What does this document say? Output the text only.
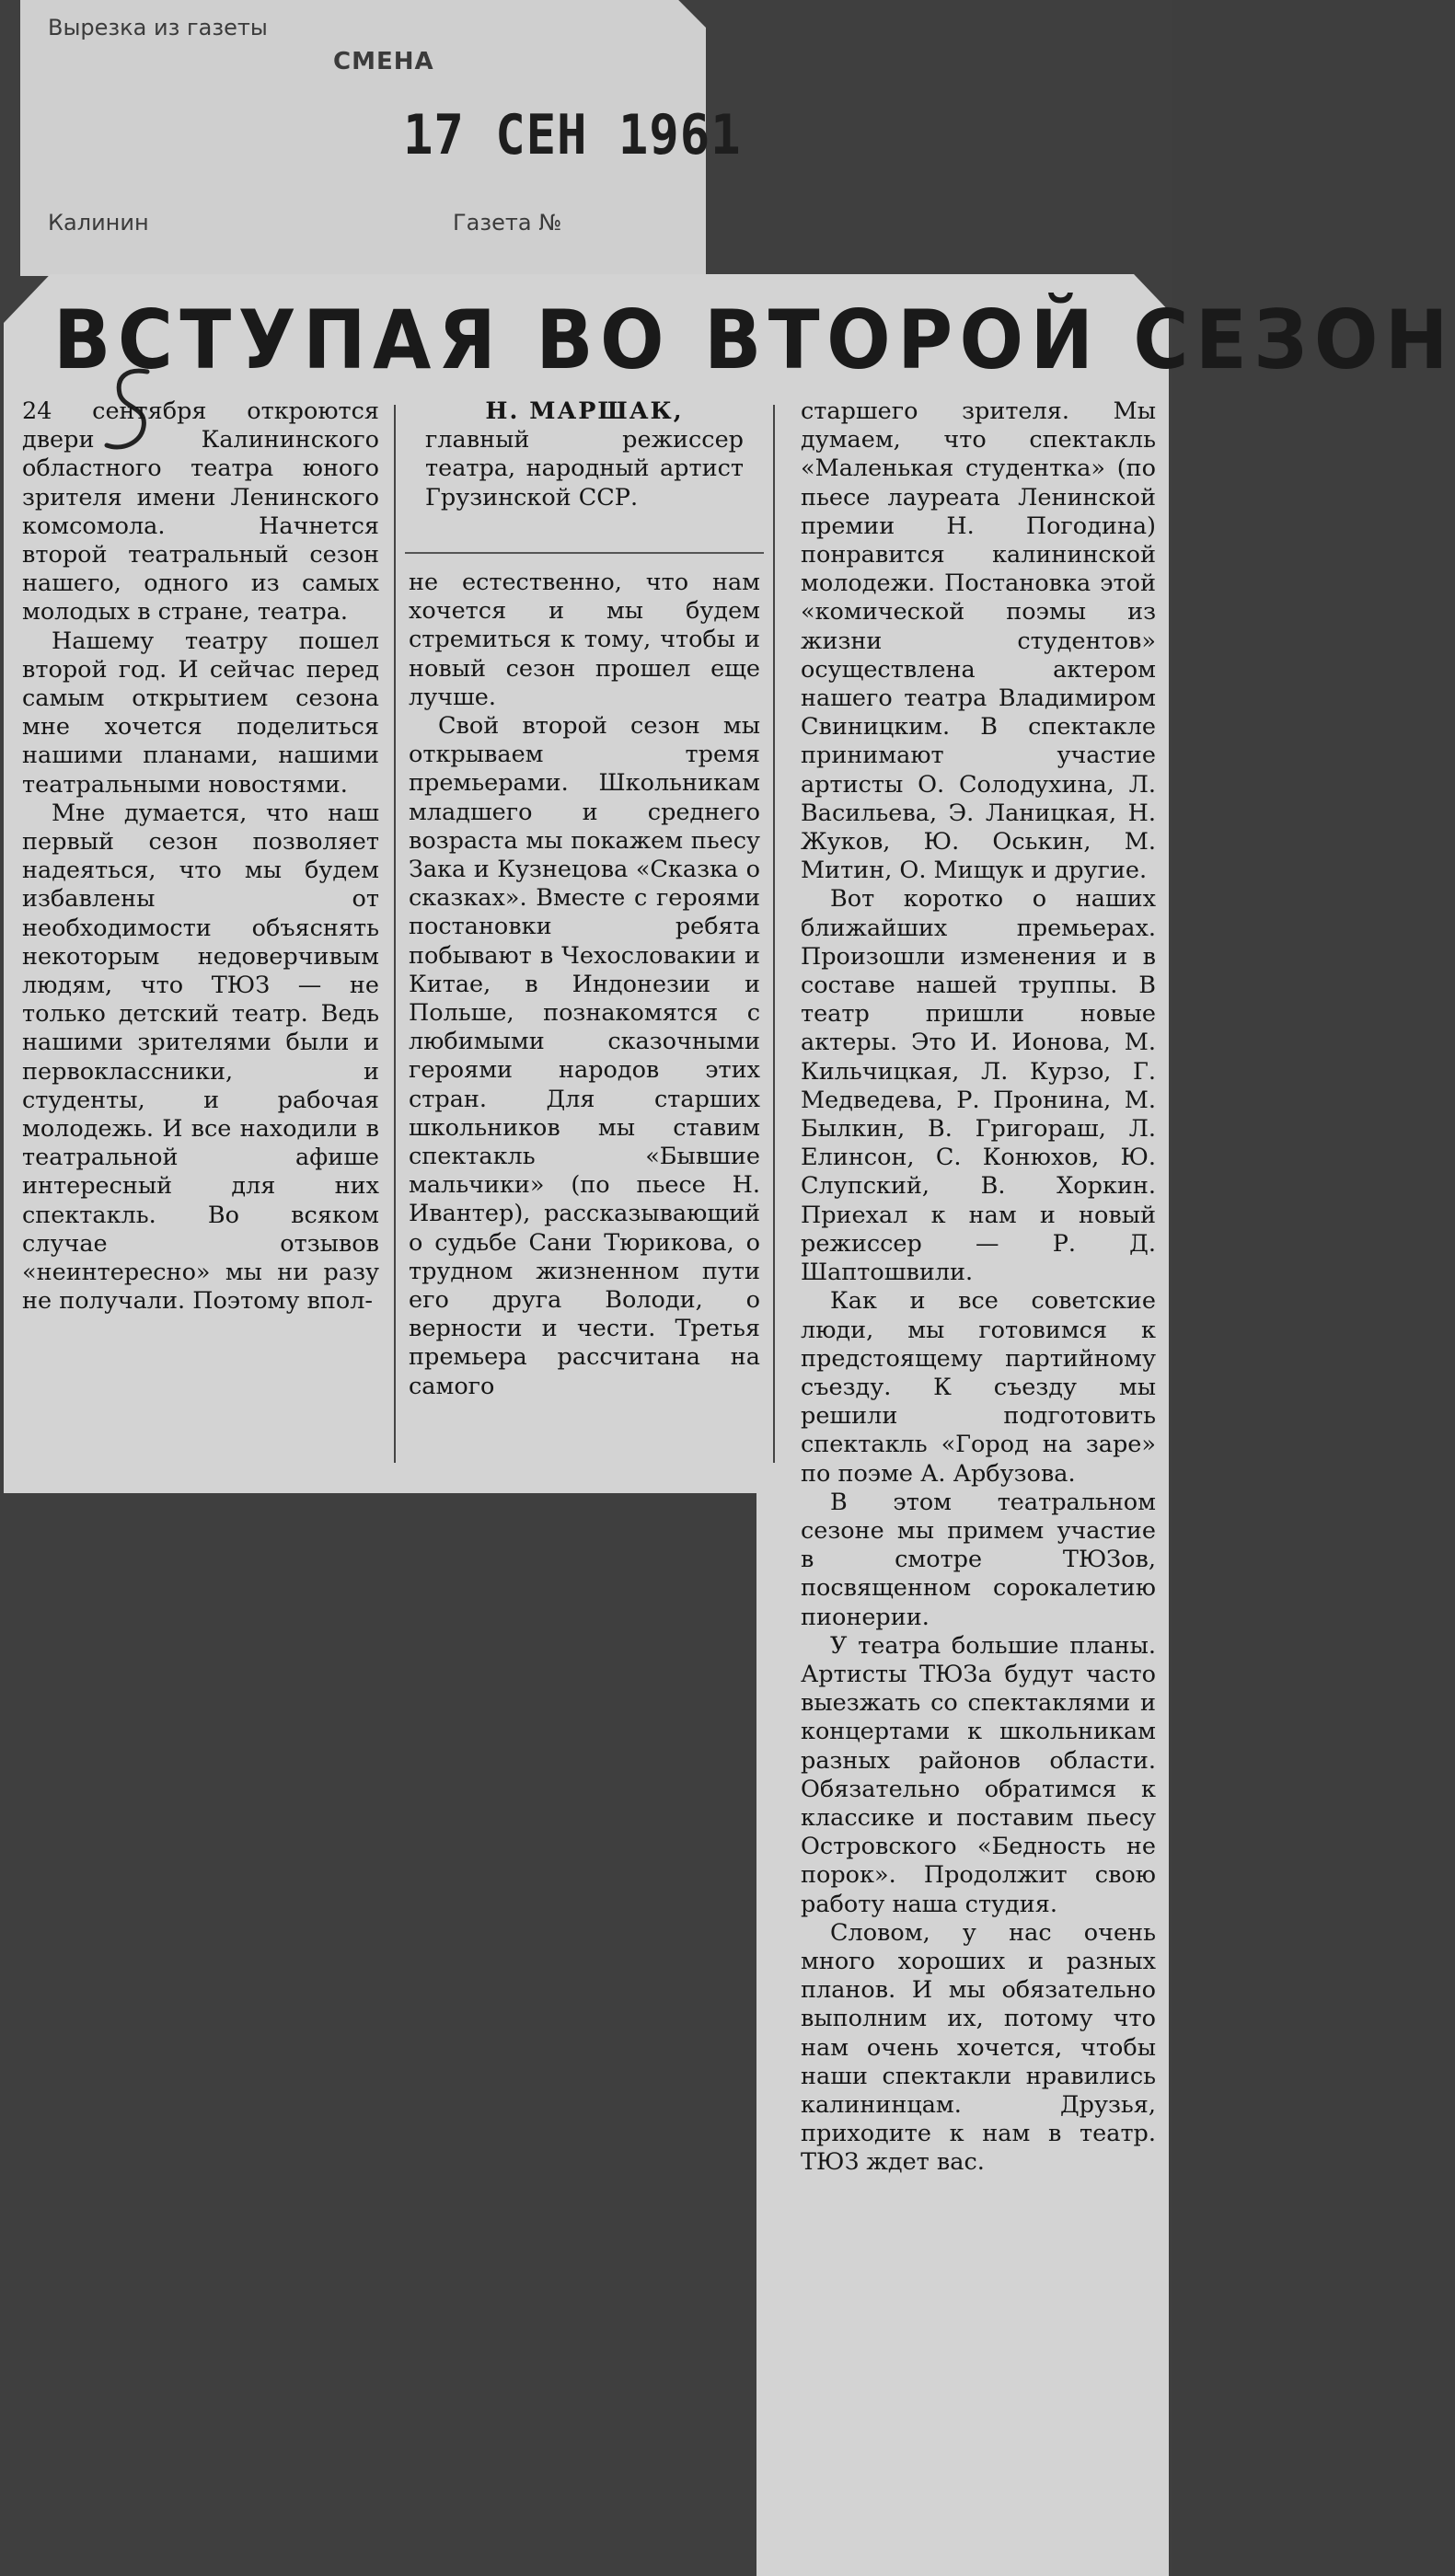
Вырезка из газеты
СМЕНА
17 СЕН 1961
Калинин	Газета №
ВСТУПАЯ ВО ВТОРОЙ СЕЗОН

24 сентября откроются двери Калининского областного театра юного зрителя имени Ленинского комсомола. Начнется второй театральный сезон нашего, одного из самых молодых в стране, театра.

Нашему театру пошел второй год. И сейчас перед самым открытием сезона мне хочется поделиться нашими планами, нашими театральными новостями.

Мне думается, что наш первый сезон позволяет надеяться, что мы будем избавлены от необходимости объяснять некоторым недоверчивым людям, что ТЮЗ — не только детский театр. Ведь нашими зрителями были и первоклассники, и студенты, и рабочая молодежь. И все находили в театральной афише интересный для них спектакль. Во всяком случае отзывов «неинтересно» мы ни разу не получали. Поэтому впол-

Н. МАРШАК,
главный режиссер театра, народный артист Грузинской ССР.

не естественно, что нам хочется и мы будем стремиться к тому, чтобы и новый сезон прошел еще лучше.

Свой второй сезон мы открываем тремя премьерами. Школьникам младшего и среднего возраста мы покажем пьесу Зака и Кузнецова «Сказка о сказках». Вместе с героями постановки ребята побывают в Чехословакии и Китае, в Индонезии и Польше, познакомятся с любимыми сказочными героями народов этих стран. Для старших школьников мы ставим спектакль «Бывшие мальчики» (по пьесе Н. Ивантер), рассказывающий о судьбе Сани Тюрикова, о трудном жизненном пути его друга Володи, о верности и чести. Третья премьера рассчитана на самого

старшего зрителя. Мы думаем, что спектакль «Маленькая студентка» (по пьесе лауреата Ленинской премии Н. Погодина) понравится калининской молодежи. Постановка этой «комической поэмы из жизни студентов» осуществлена актером нашего театра Владимиром Свиницким. В спектакле принимают участие артисты О. Солодухина, Л. Васильева, Э. Ланицкая, Н. Жуков, Ю. Оськин, М. Митин, О. Мищук и другие.

Вот коротко о наших ближайших премьерах. Произошли изменения и в составе нашей труппы. В театр пришли новые актеры. Это И. Ионова, М. Кильчицкая, Л. Курзо, Г. Медведева, Р. Пронина, М. Былкин, В. Григораш, Л. Елинсон, С. Конюхов, Ю. Слупский, В. Хоркин. Приехал к нам и новый режиссер — Р. Д. Шаптошвили.

Как и все советские люди, мы готовимся к предстоящему партийному съезду. К съезду мы решили подготовить спектакль «Город на заре» по поэме А. Арбузова.

В этом театральном сезоне мы примем участие в смотре ТЮЗов, посвященном сорокалетию пионерии.

У театра большие планы. Артисты ТЮЗа будут часто выезжать со спектаклями и концертами к школьникам разных районов области. Обязательно обратимся к классике и поставим пьесу Островского «Бедность не порок». Продолжит свою работу наша студия.

Словом, у нас очень много хороших и разных планов. И мы обязательно выполним их, потому что нам очень хочется, чтобы наши спектакли нравились калининцам. Друзья, приходите к нам в театр. ТЮЗ ждет вас.
